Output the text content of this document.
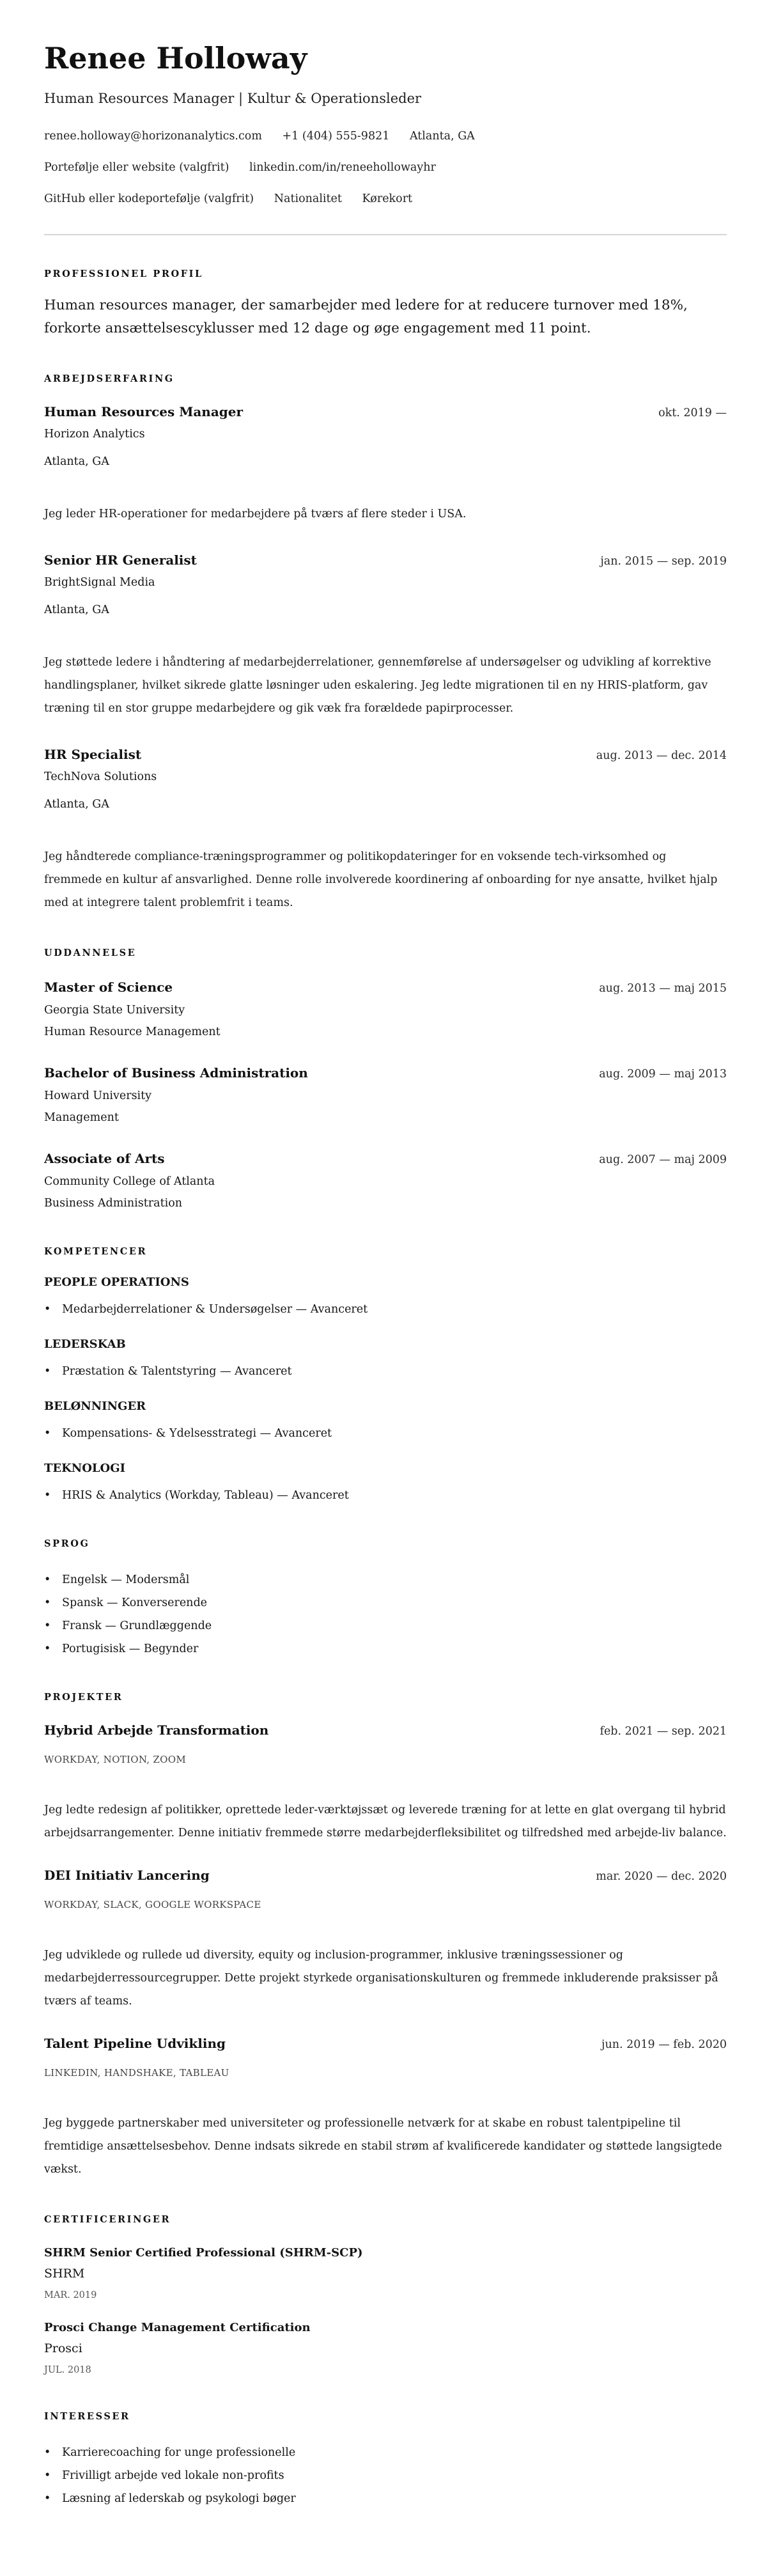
Renee Holloway
Human Resources Manager | Kultur & Operationsleder
renee.holloway@horizonanalytics.com +1 (404) 555-9821 Atlanta, GA
Portefølje eller website (valgfrit) linkedin.com/in/reneehollowayhr
GitHub eller kodeportefølje (valgfrit) Nationalitet Kørekort
PROFESSIONEL PROFIL

Human resources manager, der samarbejder med ledere for at reducere turnover med 18%, forkorte ansættelsescyklusser med 12 dage og øge engagement med 11 point.

ARBEJDSERFARING
Human Resources Manager	okt. 2019 —
Horizon Analytics
Atlanta, GA
Jeg leder HR-operationer for medarbejdere på tværs af flere steder i USA.
Senior HR Generalist	jan. 2015 — sep. 2019
BrightSignal Media
Atlanta, GA
Jeg støttede ledere i håndtering af medarbejderrelationer, gennemførelse af undersøgelser og udvikling af korrektive handlingsplaner, hvilket sikrede glatte løsninger uden eskalering. Jeg ledte migrationen til en ny HRIS-platform, gav træning til en stor gruppe medarbejdere og gik væk fra forældede papirprocesser.
HR Specialist	aug. 2013 — dec. 2014
TechNova Solutions
Atlanta, GA
Jeg håndterede compliance-træningsprogrammer og politikopdateringer for en voksende tech-virksomhed og fremmede en kultur af ansvarlighed. Denne rolle involverede koordinering af onboarding for nye ansatte, hvilket hjalp med at integrere talent problemfrit i teams.
UDDANNELSE
Master of Science	aug. 2013 — maj 2015
Georgia State University
Human Resource Management
Bachelor of Business Administration	aug. 2009 — maj 2013
Howard University
Management
Associate of Arts	aug. 2007 — maj 2009
Community College of Atlanta
Business Administration
KOMPETENCER
PEOPLE OPERATIONS
• Medarbejderrelationer & Undersøgelser — Avanceret
LEDERSKAB
• Præstation & Talentstyring — Avanceret
BELØNNINGER
• Kompensations- & Ydelsesstrategi — Avanceret
TEKNOLOGI
• HRIS & Analytics (Workday, Tableau) — Avanceret
SPROG
• Engelsk — Modersmål
• Spansk — Konverserende
• Fransk — Grundlæggende
• Portugisisk — Begynder
PROJEKTER
Hybrid Arbejde Transformation	feb. 2021 — sep. 2021
WORKDAY, NOTION, ZOOM
Jeg ledte redesign af politikker, oprettede leder-værktøjssæt og leverede træning for at lette en glat overgang til hybrid arbejdsarrangementer. Denne initiativ fremmede større medarbejderfleksibilitet og tilfredshed med arbejde-liv balance.
DEI Initiativ Lancering	mar. 2020 — dec. 2020
WORKDAY, SLACK, GOOGLE WORKSPACE
Jeg udviklede og rullede ud diversity, equity og inclusion-programmer, inklusive træningssessioner og medarbejderressourcegrupper. Dette projekt styrkede organisationskulturen og fremmede inkluderende praksisser på tværs af teams.
Talent Pipeline Udvikling	jun. 2019 — feb. 2020
LINKEDIN, HANDSHAKE, TABLEAU
Jeg byggede partnerskaber med universiteter og professionelle netværk for at skabe en robust talentpipeline til fremtidige ansættelsesbehov. Denne indsats sikrede en stabil strøm af kvalificerede kandidater og støttede langsigtede vækst.
CERTIFICERINGER
SHRM Senior Certified Professional (SHRM-SCP)
SHRM
MAR. 2019
Prosci Change Management Certification
Prosci
JUL. 2018
INTERESSER
• Karrierecoaching for unge professionelle
• Frivilligt arbejde ved lokale non-profits
• Læsning af lederskab og psykologi bøger
